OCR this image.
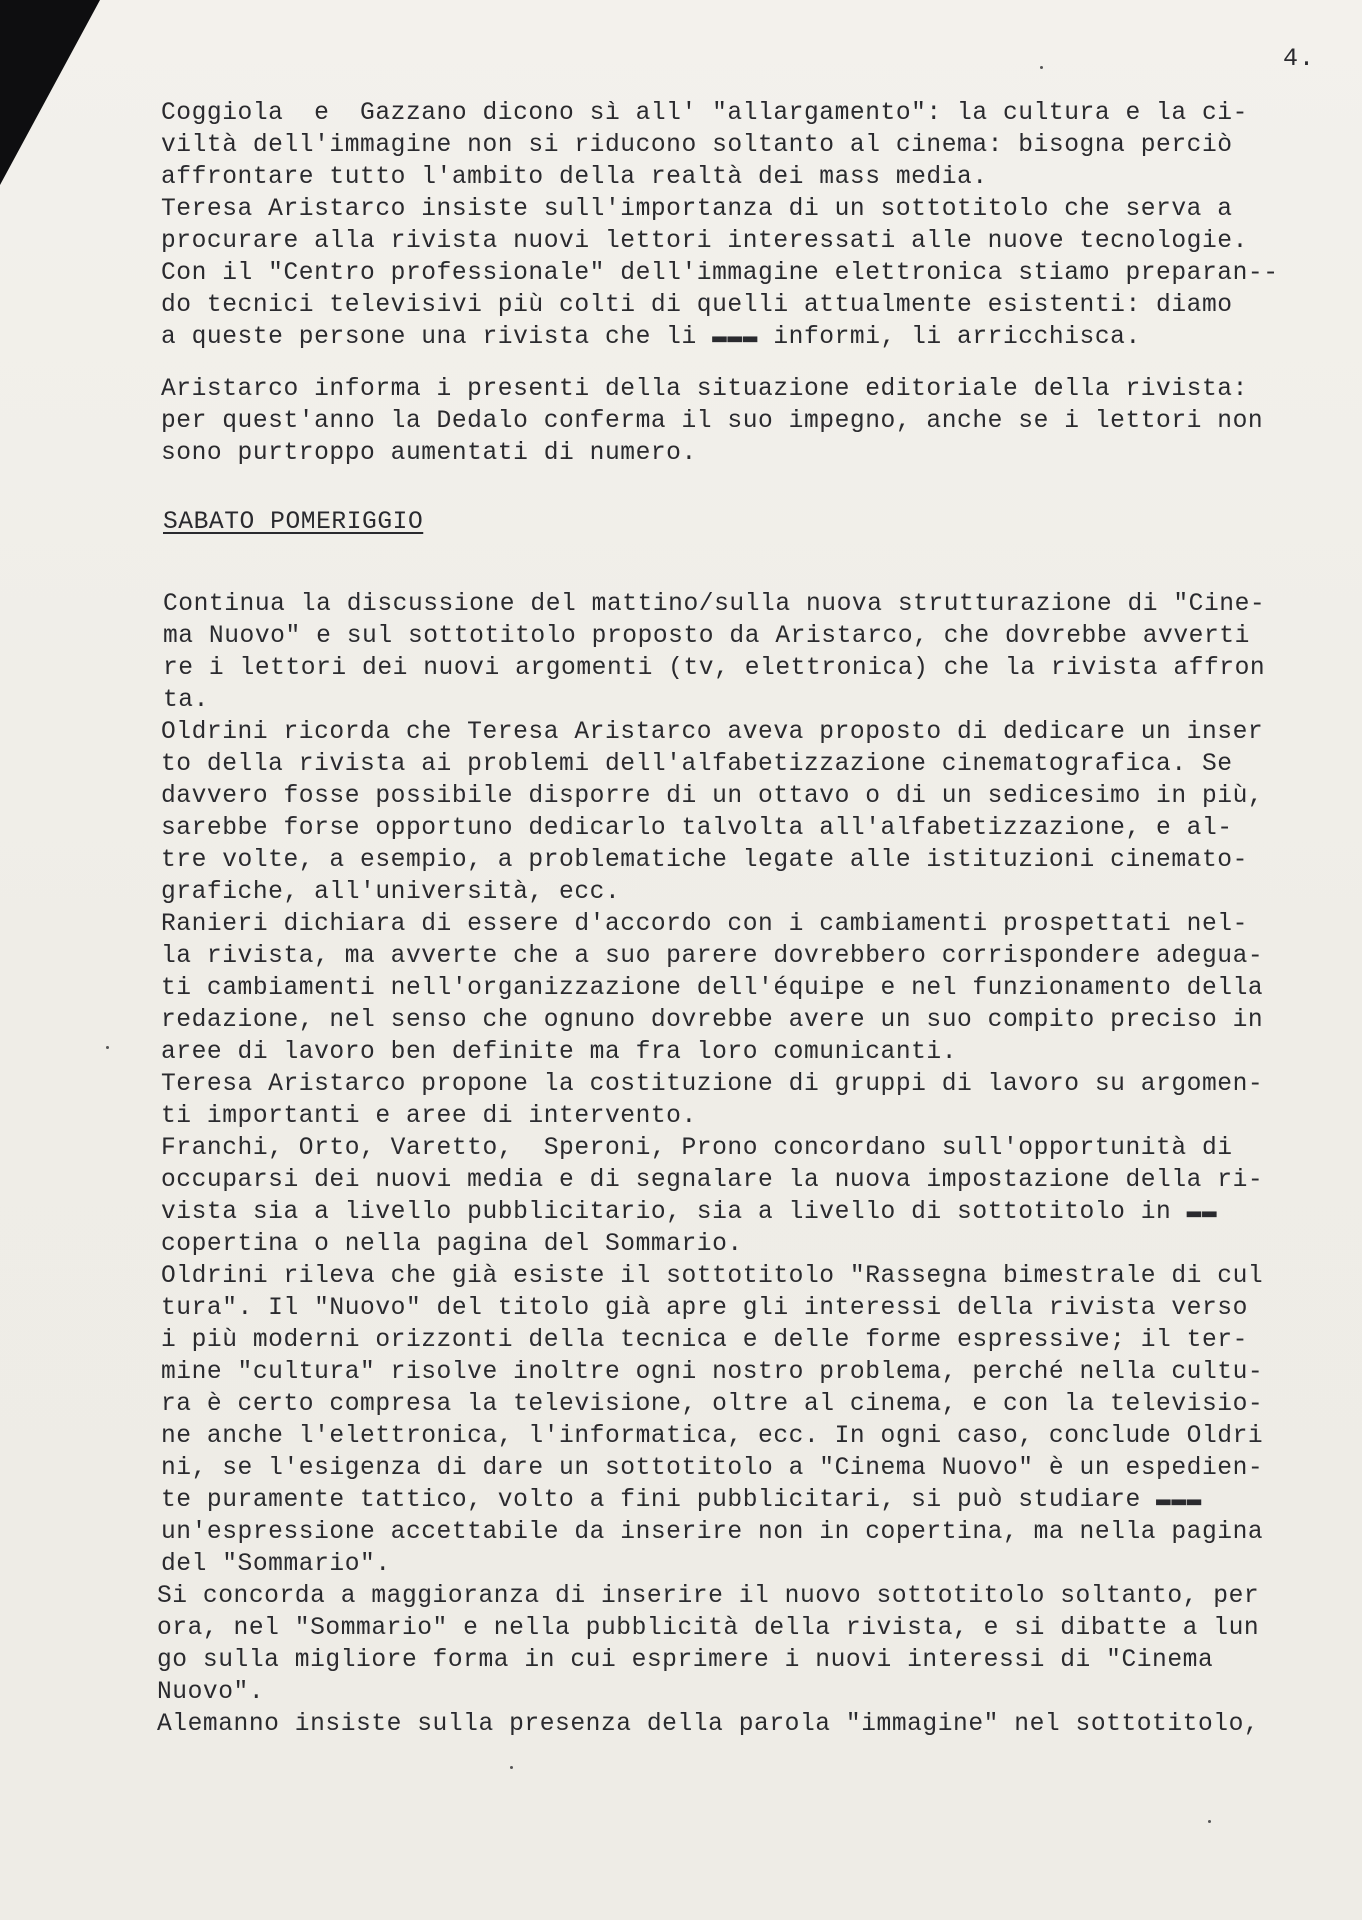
4.
Coggiola  e  Gazzano dicono sì all' "allargamento": la cultura e la ci-
viltà dell'immagine non si riducono soltanto al cinema: bisogna perciò
affrontare tutto l'ambito della realtà dei mass media.
Teresa Aristarco insiste sull'importanza di un sottotitolo che serva a
procurare alla rivista nuovi lettori interessati alle nuove tecnologie.
Con il "Centro professionale" dell'immagine elettronica stiamo preparan--
do tecnici televisivi più colti di quelli attualmente esistenti: diamo
a queste persone una rivista che li ▬▬▬ informi, li arricchisca.
Aristarco informa i presenti della situazione editoriale della rivista:
per quest'anno la Dedalo conferma il suo impegno, anche se i lettori non
sono purtroppo aumentati di numero.
SABATO POMERIGGIO
Continua la discussione del mattino/sulla nuova strutturazione di "Cine-
ma Nuovo" e sul sottotitolo proposto da Aristarco, che dovrebbe avverti
re i lettori dei nuovi argomenti (tv, elettronica) che la rivista affron
ta.
Oldrini ricorda che Teresa Aristarco aveva proposto di dedicare un inser
to della rivista ai problemi dell'alfabetizzazione cinematografica. Se
davvero fosse possibile disporre di un ottavo o di un sedicesimo in più,
sarebbe forse opportuno dedicarlo talvolta all'alfabetizzazione, e al-
tre volte, a esempio, a problematiche legate alle istituzioni cinemato-
grafiche, all'università, ecc.
Ranieri dichiara di essere d'accordo con i cambiamenti prospettati nel-
la rivista, ma avverte che a suo parere dovrebbero corrispondere adegua-
ti cambiamenti nell'organizzazione dell'équipe e nel funzionamento della
redazione, nel senso che ognuno dovrebbe avere un suo compito preciso in
aree di lavoro ben definite ma fra loro comunicanti.
Teresa Aristarco propone la costituzione di gruppi di lavoro su argomen-
ti importanti e aree di intervento.
Franchi, Orto, Varetto,  Speroni, Prono concordano sull'opportunità di
occuparsi dei nuovi media e di segnalare la nuova impostazione della ri-
vista sia a livello pubblicitario, sia a livello di sottotitolo in ▬▬
copertina o nella pagina del Sommario.
Oldrini rileva che già esiste il sottotitolo "Rassegna bimestrale di cul
tura". Il "Nuovo" del titolo già apre gli interessi della rivista verso
i più moderni orizzonti della tecnica e delle forme espressive; il ter-
mine "cultura" risolve inoltre ogni nostro problema, perché nella cultu-
ra è certo compresa la televisione, oltre al cinema, e con la televisio-
ne anche l'elettronica, l'informatica, ecc. In ogni caso, conclude Oldri
ni, se l'esigenza di dare un sottotitolo a "Cinema Nuovo" è un espedien-
te puramente tattico, volto a fini pubblicitari, si può studiare ▬▬▬
un'espressione accettabile da inserire non in copertina, ma nella pagina
del "Sommario".
Si concorda a maggioranza di inserire il nuovo sottotitolo soltanto, per
ora, nel "Sommario" e nella pubblicità della rivista, e si dibatte a lun
go sulla migliore forma in cui esprimere i nuovi interessi di "Cinema
Nuovo".
Alemanno insiste sulla presenza della parola "immagine" nel sottotitolo,
